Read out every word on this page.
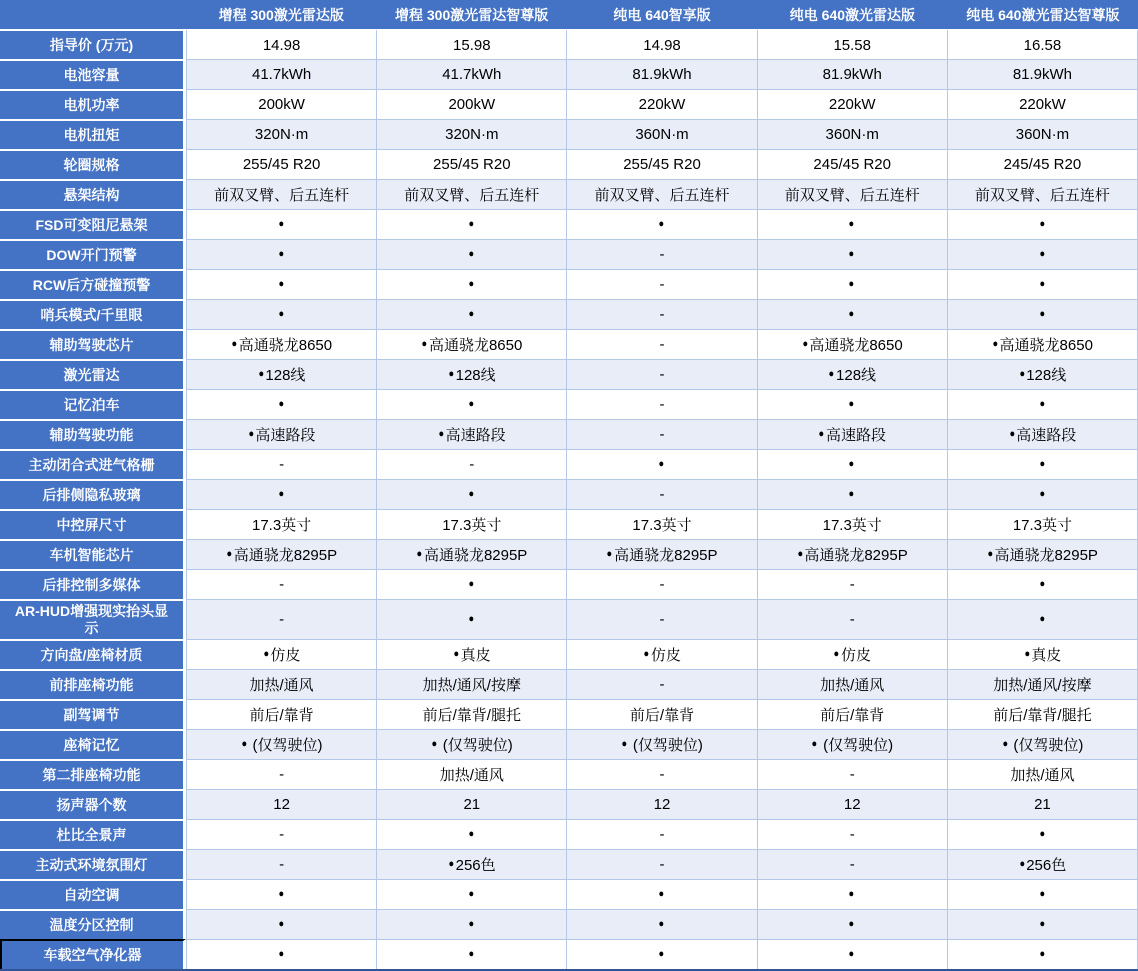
增程 300激光雷达版	增程 300激光雷达智尊版	纯电 640智享版	纯电 640激光雷达版	纯电 640激光雷达智尊版
指导价 (万元)	14.98	15.98	14.98	15.58	16.58
电池容量	41.7kWh	41.7kWh	81.9kWh	81.9kWh	81.9kWh
电机功率	200kW	200kW	220kW	220kW	220kW
电机扭矩	320N·m	320N·m	360N·m	360N·m	360N·m
轮圈规格	255/45 R20	255/45 R20	255/45 R20	245/45 R20	245/45 R20
悬架结构	前双叉臂、后五连杆	前双叉臂、后五连杆	前双叉臂、后五连杆	前双叉臂、后五连杆	前双叉臂、后五连杆
FSD可变阻尼悬架	●	●	●	●	●
DOW开门预警	●	●	-	●	●
RCW后方碰撞预警	●	●	-	●	●
哨兵模式/千里眼	●	●	-	●	●
辅助驾驶芯片	● 高通骁龙8650	● 高通骁龙8650	-	● 高通骁龙8650	● 高通骁龙8650
激光雷达	● 128线	● 128线	-	● 128线	● 128线
记忆泊车	●	●	-	●	●
辅助驾驶功能	● 高速路段	● 高速路段	-	● 高速路段	● 高速路段
主动闭合式进气格栅	-	-	●	●	●
后排侧隐私玻璃	●	●	-	●	●
中控屏尺寸	17.3英寸	17.3英寸	17.3英寸	17.3英寸	17.3英寸
车机智能芯片	● 高通骁龙8295P	● 高通骁龙8295P	● 高通骁龙8295P	● 高通骁龙8295P	● 高通骁龙8295P
后排控制多媒体	-	●	-	-	●
AR-HUD增强现实抬头显示	-	●	-	-	●
方向盘/座椅材质	● 仿皮	● 真皮	● 仿皮	● 仿皮	● 真皮
前排座椅功能	加热/通风	加热/通风/按摩	-	加热/通风	加热/通风/按摩
副驾调节	前后/靠背	前后/靠背/腿托	前后/靠背	前后/靠背	前后/靠背/腿托
座椅记忆	● (仅驾驶位)	● (仅驾驶位)	● (仅驾驶位)	● (仅驾驶位)	● (仅驾驶位)
第二排座椅功能	-	加热/通风	-	-	加热/通风
扬声器个数	12	21	12	12	21
杜比全景声	-	●	-	-	●
主动式环境氛围灯	-	● 256色	-	-	● 256色
自动空调	●	●	●	●	●
温度分区控制	●	●	●	●	●
车载空气净化器	●	●	●	●	●
